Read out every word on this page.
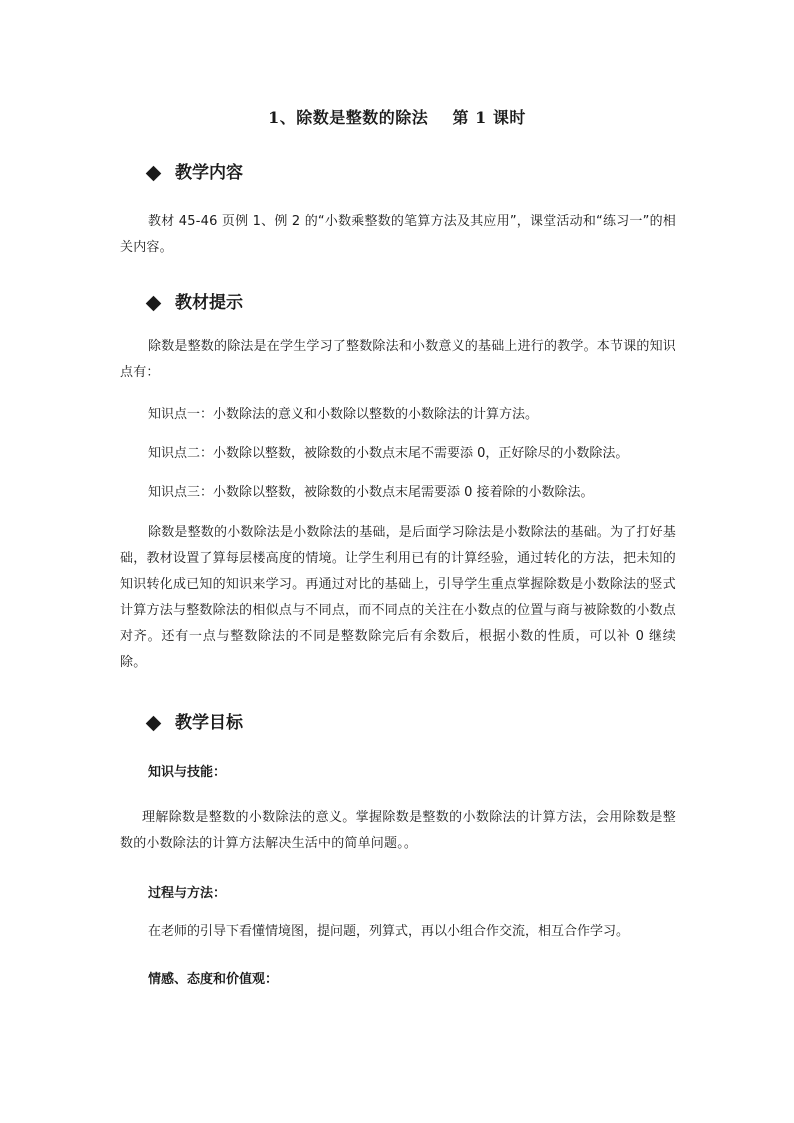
1、除数是整数的除法    第 1 课时
教学内容
教材 45-46 页例 1、例 2 的“小数乘整数的笔算方法及其应用”，课堂活动和“练习一”的相关内容。
教材提示
除数是整数的除法是在学生学习了整数除法和小数意义的基础上进行的教学。本节课的知识点有：
知识点一：小数除法的意义和小数除以整数的小数除法的计算方法。
知识点二：小数除以整数，被除数的小数点末尾不需要添 0，正好除尽的小数除法。
知识点三：小数除以整数，被除数的小数点末尾需要添 0 接着除的小数除法。
除数是整数的小数除法是小数除法的基础，是后面学习除法是小数除法的基础。为了打好基础，教材设置了算每层楼高度的情境。让学生利用已有的计算经验，通过转化的方法，把未知的知识转化成已知的知识来学习。再通过对比的基础上，引导学生重点掌握除数是小数除法的竖式计算方法与整数除法的相似点与不同点，而不同点的关注在小数点的位置与商与被除数的小数点对齐。还有一点与整数除法的不同是整数除完后有余数后，根据小数的性质，可以补 0 继续除。
教学目标
知识与技能：
理解除数是整数的小数除法的意义。掌握除数是整数的小数除法的计算方法，会用除数是整数的小数除法的计算方法解决生活中的简单问题。。
过程与方法：
在老师的引导下看懂情境图，提问题，列算式，再以小组合作交流，相互合作学习。
情感、态度和价值观：
